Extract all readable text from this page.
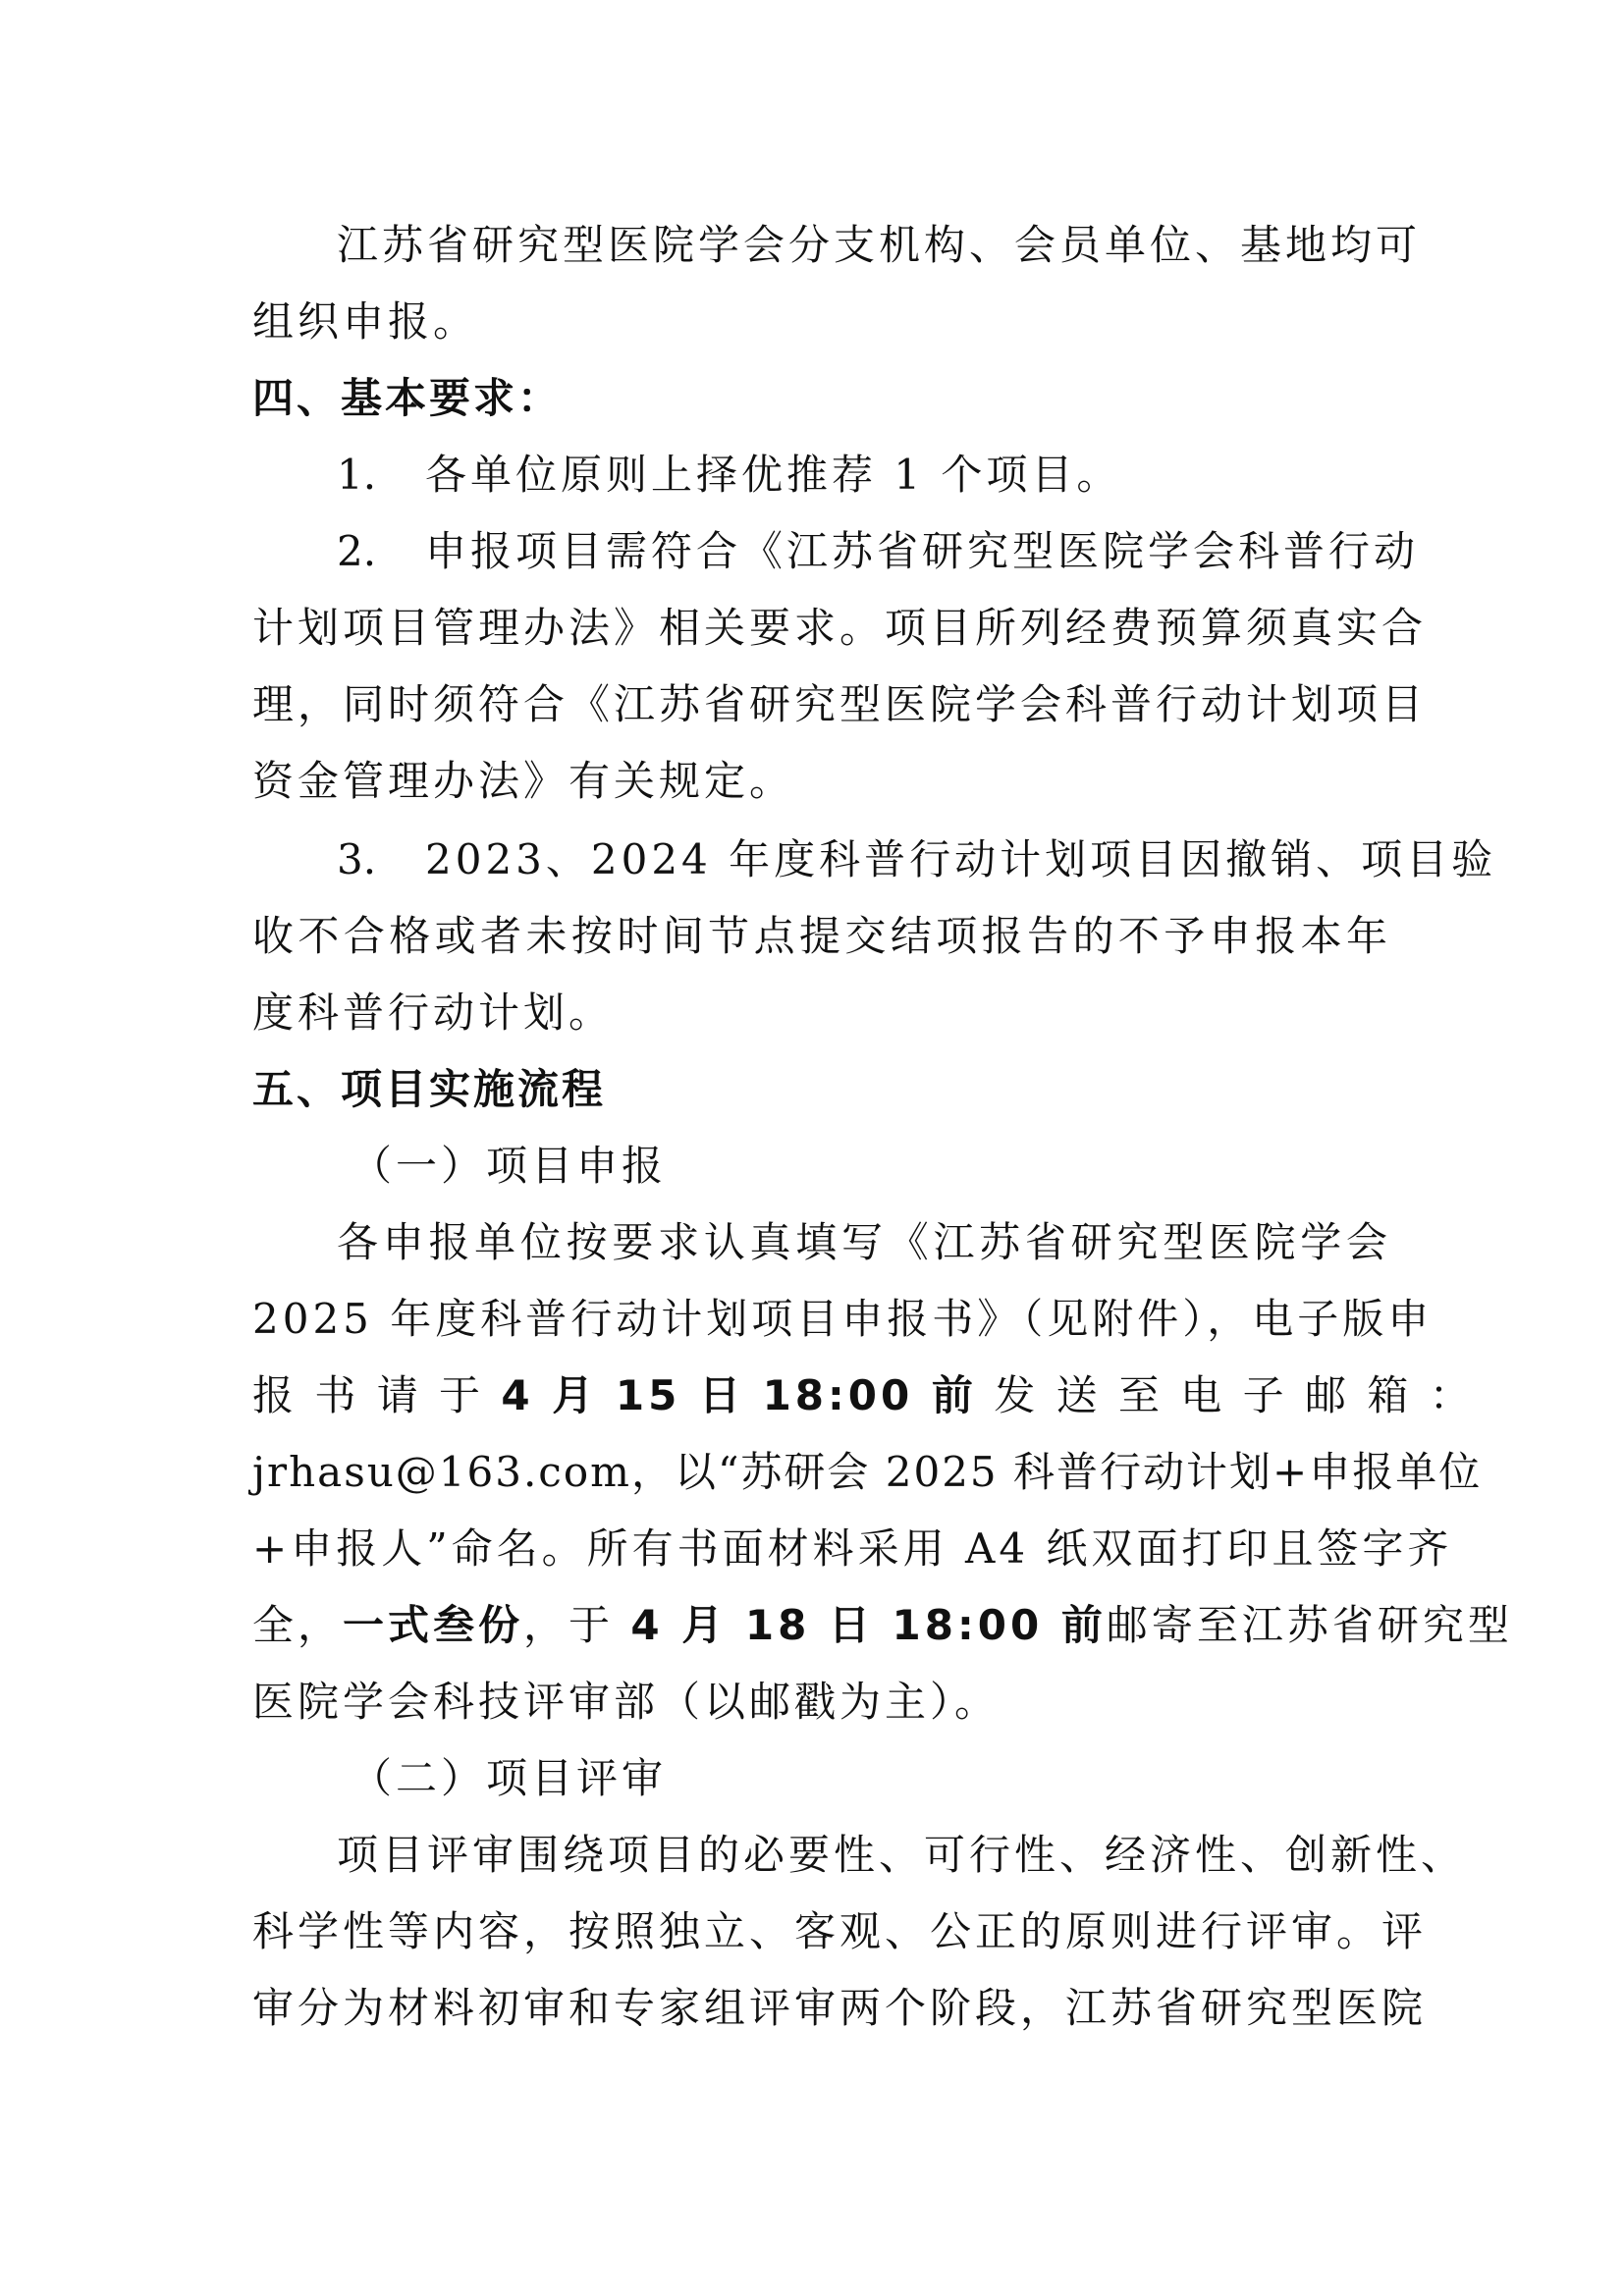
江苏省研究型医院学会分支机构、会员单位、基地均可
组织申报。
四、基本要求：
1. 各单位原则上择优推荐 1 个项目。
2. 申报项目需符合《江苏省研究型医院学会科普行动
计划项目管理办法》相关要求。项目所列经费预算须真实合
理，同时须符合《江苏省研究型医院学会科普行动计划项目
资金管理办法》有关规定。
3. 2023、2024 年度科普行动计划项目因撤销、项目验
收不合格或者未按时间节点提交结项报告的不予申报本年
度科普行动计划。
五、项目实施流程
（一）项目申报
各申报单位按要求认真填写《江苏省研究型医院学会
2025 年度科普行动计划项目申报书》（见附件），电子版申
报 书 请 于 4 月 15 日 18:00 前 发 送 至 电 子 邮 箱 ：
jrhasu@163.com，以“苏研会 2025 科普行动计划+申报单位
+申报人”命名。所有书面材料采用 A4 纸双面打印且签字齐
全，一式叁份，于 4 月 18 日 18:00 前邮寄至江苏省研究型
医院学会科技评审部（以邮戳为主）。
（二）项目评审
项目评审围绕项目的必要性、可行性、经济性、创新性、
科学性等内容，按照独立、客观、公正的原则进行评审。评
审分为材料初审和专家组评审两个阶段，江苏省研究型医院
